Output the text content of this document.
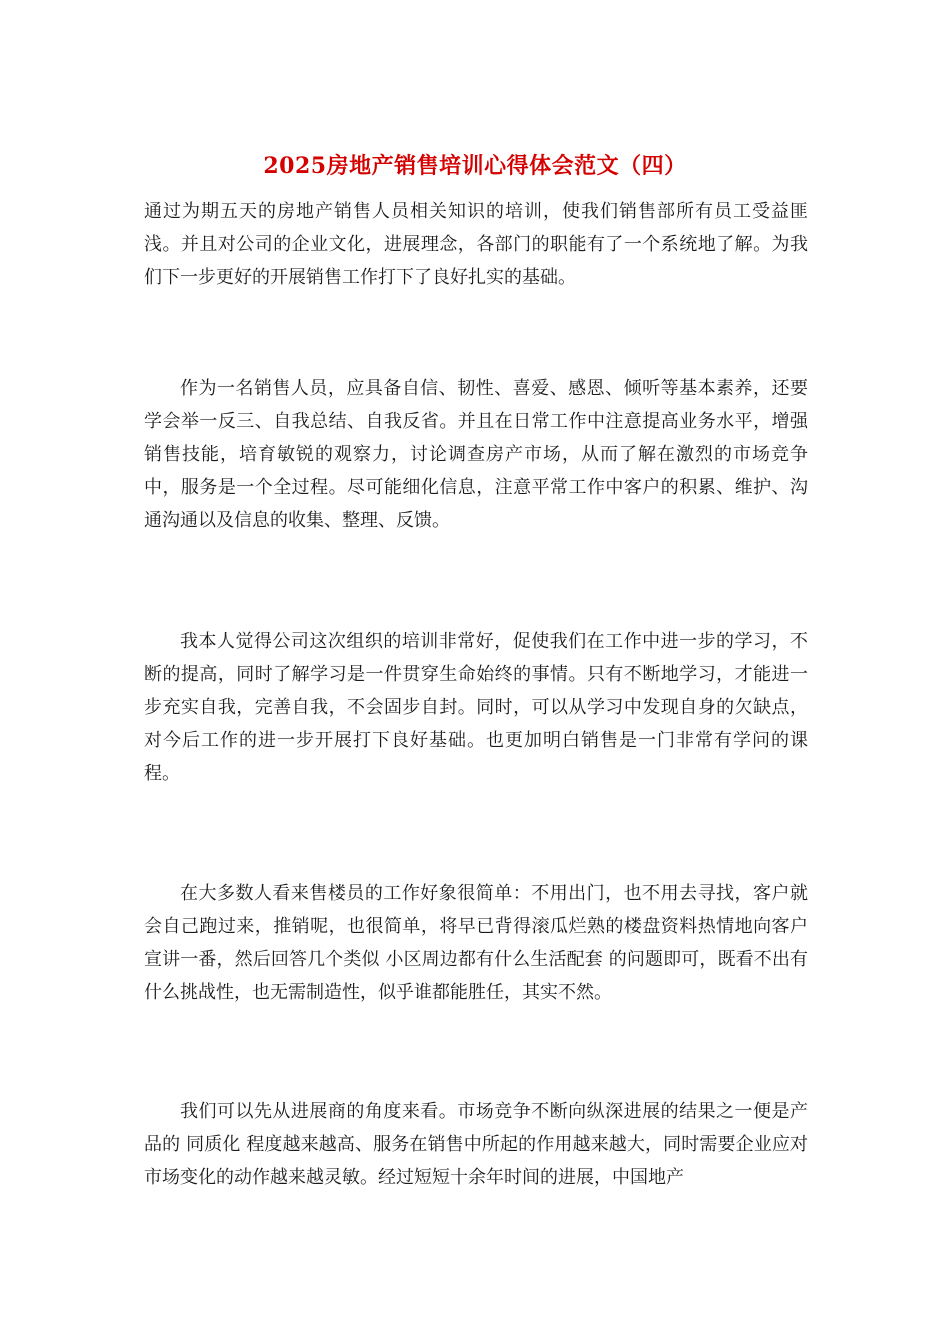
2025房地产销售培训心得体会范文（四）

通过为期五天的房地产销售人员相关知识的培训，使我们销售部所有员工受益匪浅。并且对公司的企业文化，进展理念，各部门的职能有了一个系统地了解。为我们下一步更好的开展销售工作打下了良好扎实的基础。

作为一名销售人员，应具备自信、韧性、喜爱、感恩、倾听等基本素养，还要学会举一反三、自我总结、自我反省。并且在日常工作中注意提高业务水平，增强销售技能，培育敏锐的观察力，讨论调查房产市场，从而了解在激烈的市场竞争中，服务是一个全过程。尽可能细化信息，注意平常工作中客户的积累、维护、沟通沟通以及信息的收集、整理、反馈。

我本人觉得公司这次组织的培训非常好，促使我们在工作中进一步的学习，不断的提高，同时了解学习是一件贯穿生命始终的事情。只有不断地学习，才能进一步充实自我，完善自我，不会固步自封。同时，可以从学习中发现自身的欠缺点，对今后工作的进一步开展打下良好基础。也更加明白销售是一门非常有学问的课程。

在大多数人看来售楼员的工作好象很简单：不用出门，也不用去寻找，客户就会自己跑过来，推销呢，也很简单，将早已背得滚瓜烂熟的楼盘资料热情地向客户宣讲一番，然后回答几个类似 小区周边都有什么生活配套 的问题即可，既看不出有什么挑战性，也无需制造性，似乎谁都能胜任，其实不然。

我们可以先从进展商的角度来看。市场竞争不断向纵深进展的结果之一便是产品的 同质化 程度越来越高、服务在销售中所起的作用越来越大，同时需要企业应对市场变化的动作越来越灵敏。经过短短十余年时间的进展，中国地产
